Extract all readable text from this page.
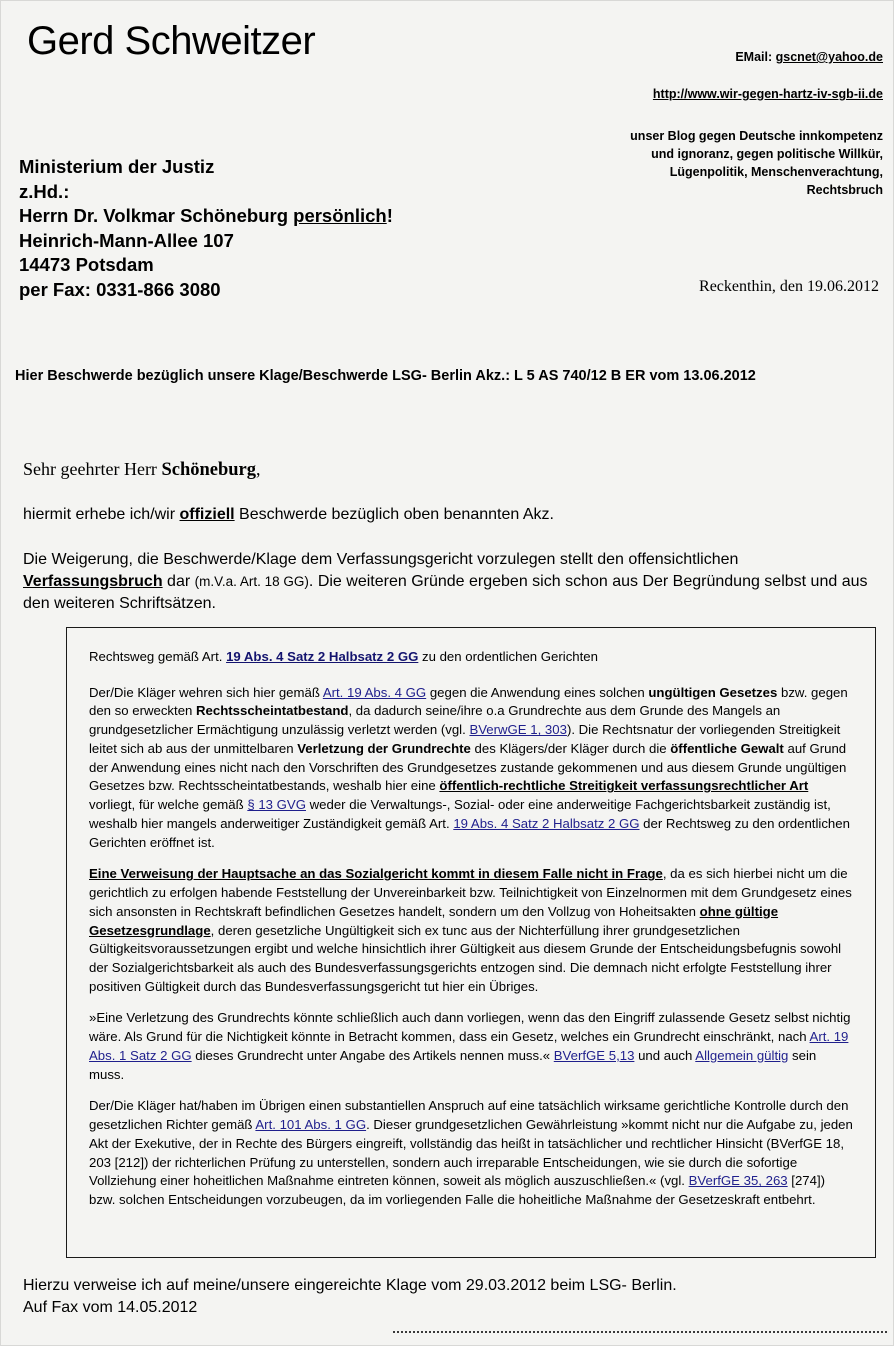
Gerd Schweitzer	EMail: gscnet@yahoo.de
http://www.wir-gegen-hartz-iv-sgb-ii.de
unser Blog gegen Deutsche innkompetenz
und ignoranz, gegen politische Willkür,
Lügenpolitik, Menschenverachtung,
Rechtsbruch
Ministerium der Justiz
z.Hd.:
Herrn Dr. Volkmar Schöneburg persönlich!
Heinrich-Mann-Allee 107
14473 Potsdam
per Fax: 0331-866 3080	Reckenthin, den 19.06.2012
Hier Beschwerde bezüglich unsere Klage/Beschwerde LSG- Berlin Akz.: L 5 AS 740/12 B ER vom 13.06.2012
Sehr geehrter Herr Schöneburg,
hiermit erhebe ich/wir offiziell Beschwerde bezüglich oben benannten Akz.
Die Weigerung, die Beschwerde/Klage dem Verfassungsgericht vorzulegen stellt den offensichtlichen Verfassungsbruch dar (m.V.a. Art. 18 GG). Die weiteren Gründe ergeben sich schon aus Der Begründung selbst und aus den weiteren Schriftsätzen.

Rechtsweg gemäß Art. 19 Abs. 4 Satz 2 Halbsatz 2 GG zu den ordentlichen Gerichten

Der/Die Kläger wehren sich hier gemäß Art. 19 Abs. 4 GG gegen die Anwendung eines solchen ungültigen Gesetzes bzw. gegen den so erweckten Rechtsscheintatbestand, da dadurch seine/ihre o.a Grundrechte aus dem Grunde des Mangels an grundgesetzlicher Ermächtigung unzulässig verletzt werden (vgl. BVerwGE 1, 303). Die Rechtsnatur der vorliegenden Streitigkeit leitet sich ab aus der unmittelbaren Verletzung der Grundrechte des Klägers/der Kläger durch die öffentliche Gewalt auf Grund der Anwendung eines nicht nach den Vorschriften des Grundgesetzes zustande gekommenen und aus diesem Grunde ungültigen Gesetzes bzw. Rechtsscheintatbestands, weshalb hier eine öffentlich-rechtliche Streitigkeit verfassungsrechtlicher Art vorliegt, für welche gemäß § 13 GVG weder die Verwaltungs-, Sozial- oder eine anderweitige Fachgerichtsbarkeit zuständig ist, weshalb hier mangels anderweitiger Zuständigkeit gemäß Art. 19 Abs. 4 Satz 2 Halbsatz 2 GG der Rechtsweg zu den ordentlichen Gerichten eröffnet ist.

Eine Verweisung der Hauptsache an das Sozialgericht kommt in diesem Falle nicht in Frage, da es sich hierbei nicht um die gerichtlich zu erfolgen habende Feststellung der Unvereinbarkeit bzw. Teilnichtigkeit von Einzelnormen mit dem Grundgesetz eines sich ansonsten in Rechtskraft befindlichen Gesetzes handelt, sondern um den Vollzug von Hoheitsakten ohne gültige Gesetzesgrundlage, deren gesetzliche Ungültigkeit sich ex tunc aus der Nichterfüllung ihrer grundgesetzlichen Gültigkeitsvoraussetzungen ergibt und welche hinsichtlich ihrer Gültigkeit aus diesem Grunde der Entscheidungsbefugnis sowohl der Sozialgerichtsbarkeit als auch des Bundesverfassungsgerichts entzogen sind. Die demnach nicht erfolgte Feststellung ihrer positiven Gültigkeit durch das Bundesverfassungsgericht tut hier ein Übriges.

»Eine Verletzung des Grundrechts könnte schließlich auch dann vorliegen, wenn das den Eingriff zulassende Gesetz selbst nichtig wäre. Als Grund für die Nichtigkeit könnte in Betracht kommen, dass ein Gesetz, welches ein Grundrecht einschränkt, nach Art. 19 Abs. 1 Satz 2 GG dieses Grundrecht unter Angabe des Artikels nennen muss.« BVerfGE 5,13 und auch Allgemein gültig sein muss.

Der/Die Kläger hat/haben im Übrigen einen substantiellen Anspruch auf eine tatsächlich wirksame gerichtliche Kontrolle durch den gesetzlichen Richter gemäß Art. 101 Abs. 1 GG. Dieser grundgesetzlichen Gewährleistung »kommt nicht nur die Aufgabe zu, jeden Akt der Exekutive, der in Rechte des Bürgers eingreift, vollständig das heißt in tatsächlicher und rechtlicher Hinsicht (BVerfGE 18, 203 [212]) der richterlichen Prüfung zu unterstellen, sondern auch irreparable Entscheidungen, wie sie durch die sofortige Vollziehung einer hoheitlichen Maßnahme eintreten können, soweit als möglich auszuschließen.« (vgl. BVerfGE 35, 263 [274]) bzw. solchen Entscheidungen vorzubeugen, da im vorliegenden Falle die hoheitliche Maßnahme der Gesetzeskraft entbehrt.

Hierzu verweise ich auf meine/unsere eingereichte Klage vom 29.03.2012 beim LSG- Berlin.
Auf Fax vom 14.05.2012
